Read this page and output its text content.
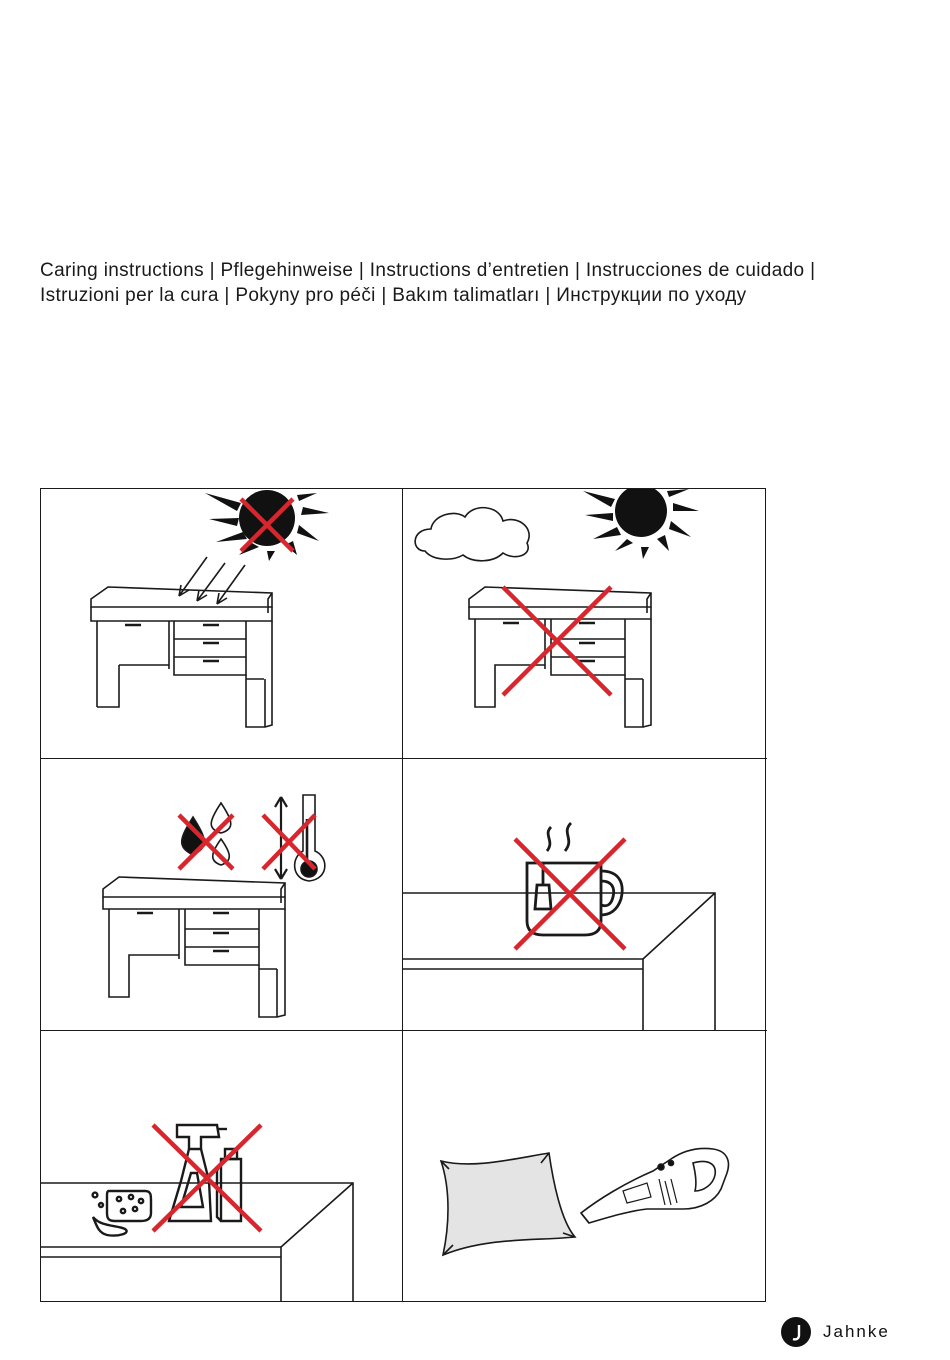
Caring instructions | Pflegehinweise | Instructions d’entretien | Instrucciones de cuidado |
Istruzioni per la cura | Pokyny pro péči | Bakım talimatları | Инструкции по уходу
Jahnke
